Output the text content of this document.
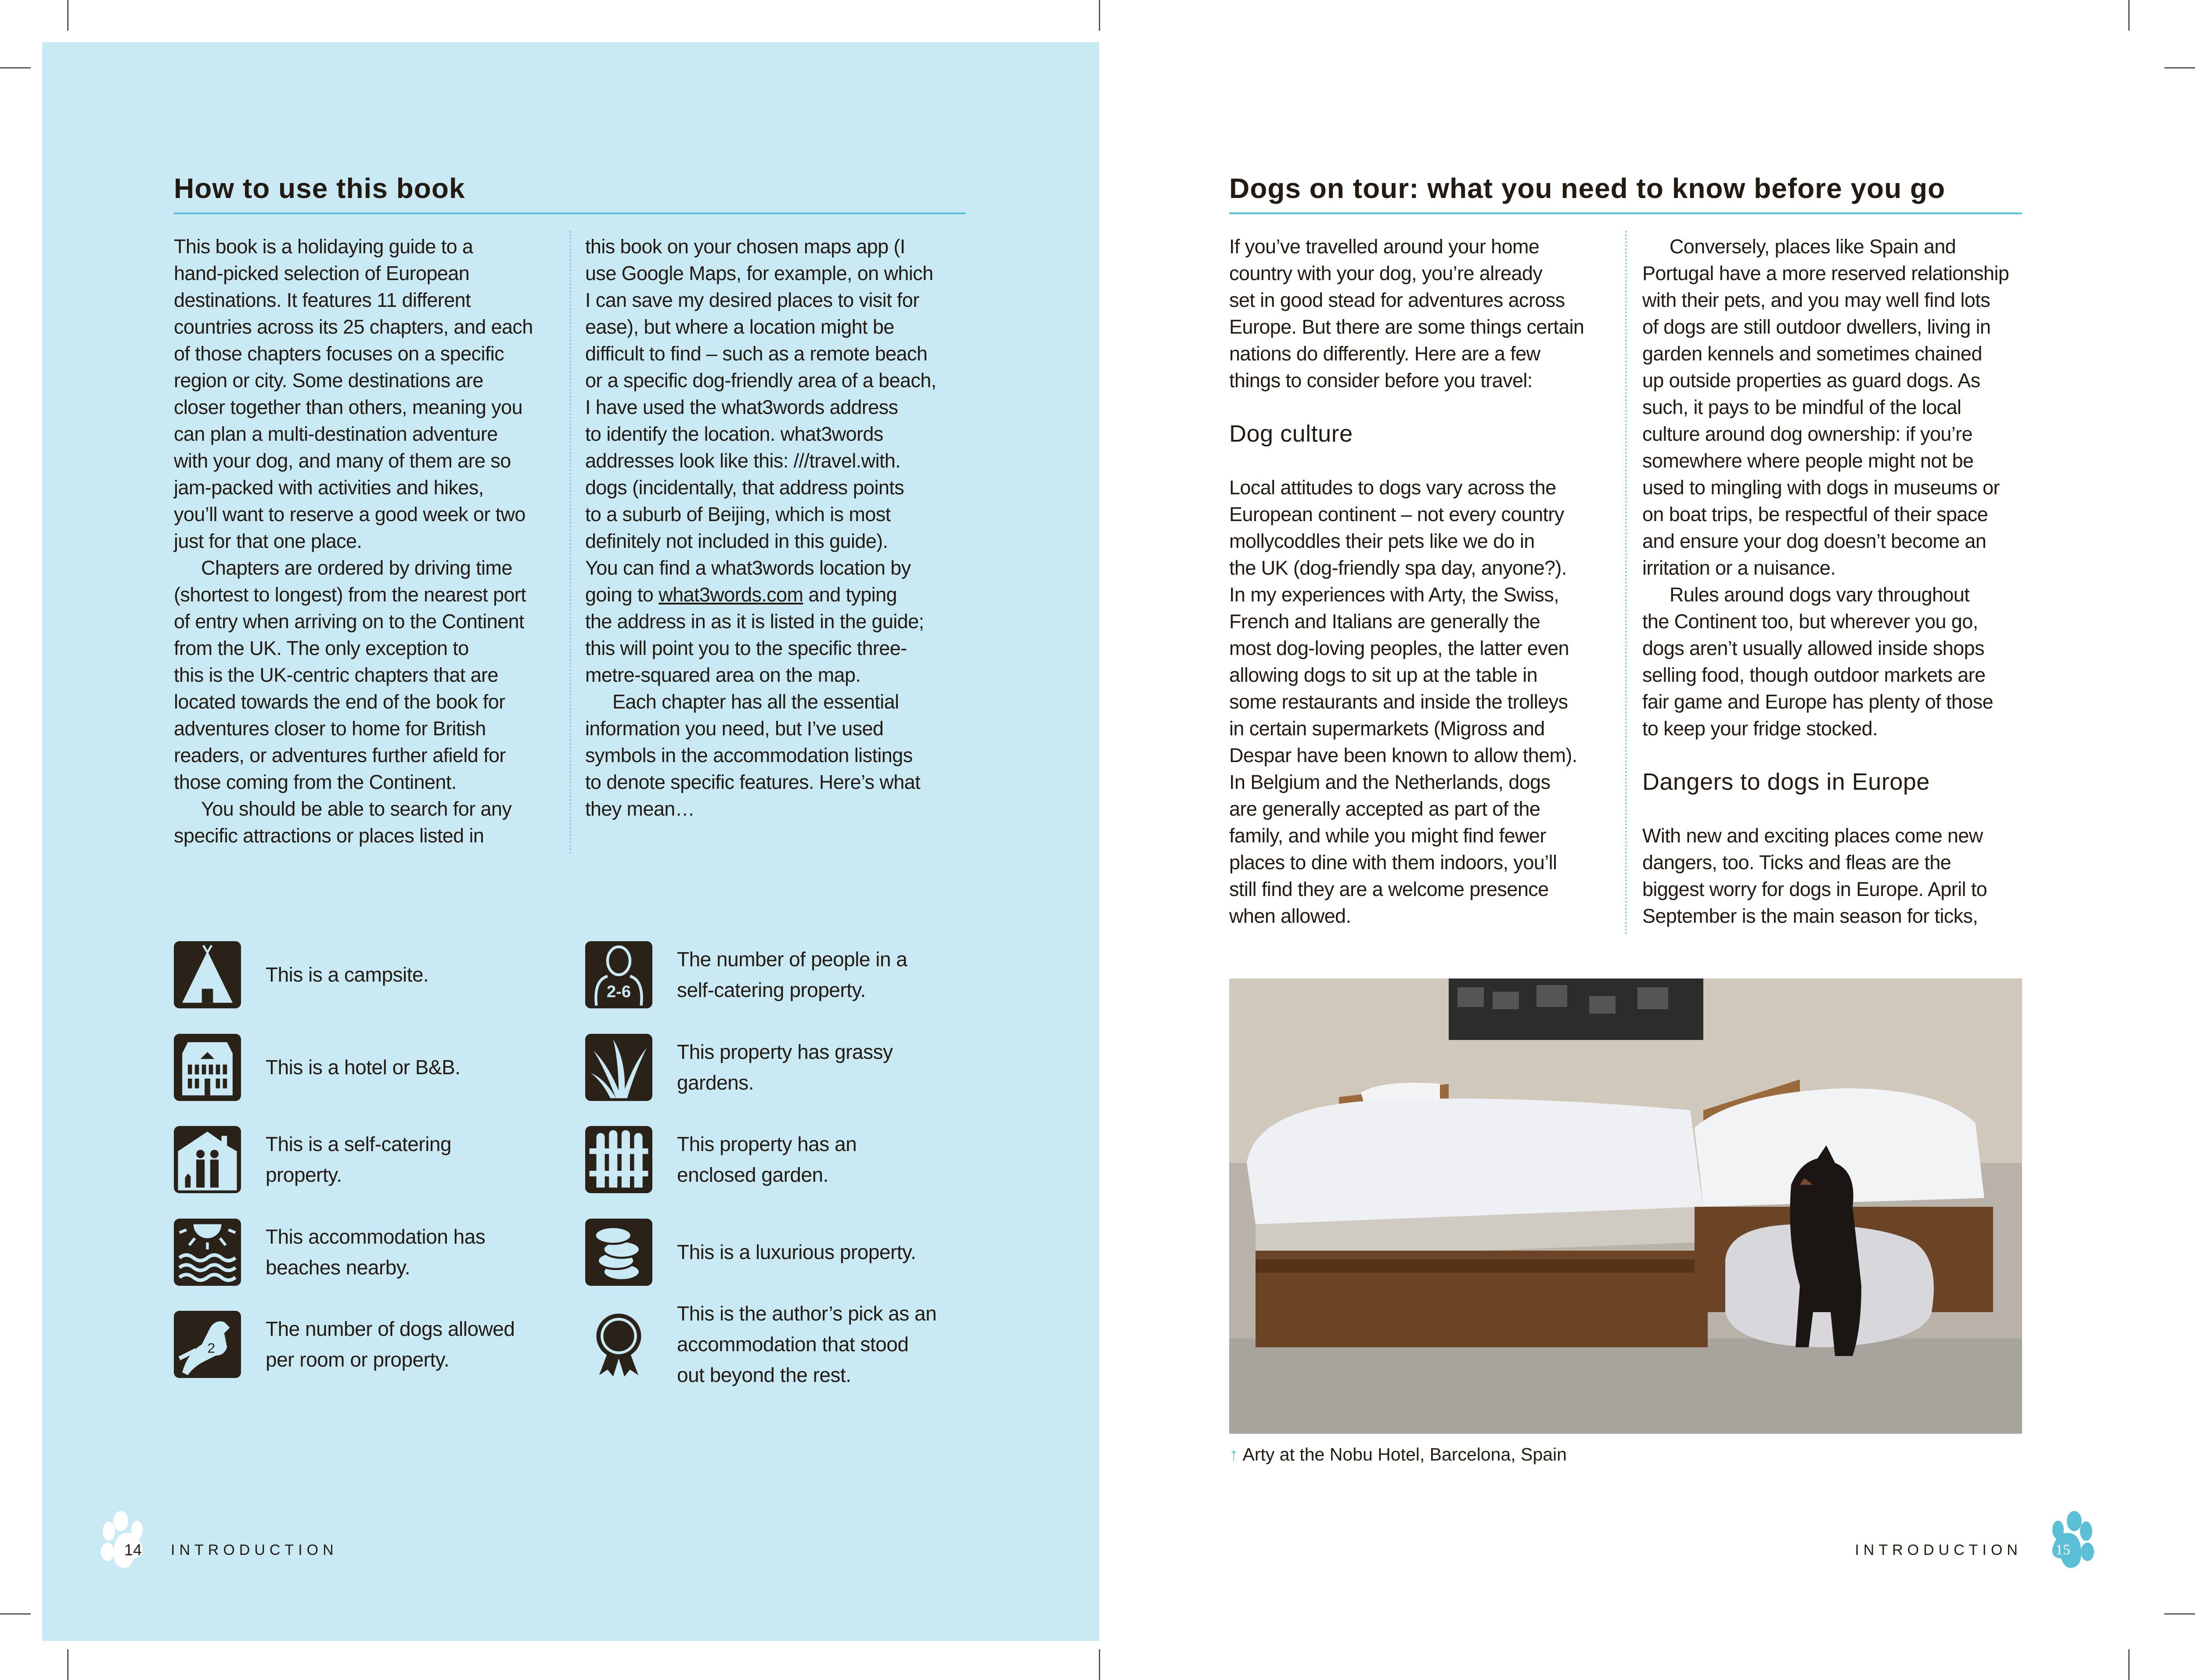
How to use this book
This book is a holidaying guide to a
hand-picked selection of European
destinations. It features 11 different
countries across its 25 chapters, and each
of those chapters focuses on a specific
region or city. Some destinations are
closer together than others, meaning you
can plan a multi-destination adventure
with your dog, and many of them are so
jam-packed with activities and hikes,
you’ll want to reserve a good week or two
just for that one place.
Chapters are ordered by driving time
(shortest to longest) from the nearest port
of entry when arriving on to the Continent
from the UK. The only exception to
this is the UK-centric chapters that are
located towards the end of the book for
adventures closer to home for British
readers, or adventures further afield for
those coming from the Continent.
You should be able to search for any
specific attractions or places listed in
this book on your chosen maps app (I
use Google Maps, for example, on which
I can save my desired places to visit for
ease), but where a location might be
difficult to find – such as a remote beach
or a specific dog-friendly area of a beach,
I have used the what3words address
to identify the location. what3words
addresses look like this: ///travel.with.
dogs (incidentally, that address points
to a suburb of Beijing, which is most
definitely not included in this guide).
You can find a what3words location by
going to what3words.com and typing
the address in as it is listed in the guide;
this will point you to the specific three-
metre-squared area on the map.
Each chapter has all the essential
information you need, but I’ve used
symbols in the accommodation listings
to denote specific features. Here’s what
they mean…
This is a campsite.
This is a hotel or B&B.
This is a self-catering
property.
This accommodation has
beaches nearby.
2
The number of dogs allowed
per room or property.
2-6
The number of people in a
self-catering property.
This property has grassy
gardens.
This property has an
enclosed garden.
This is a luxurious property.
This is the author’s pick as an
accommodation that stood
out beyond the rest.
14 INTRODUCTION
Dogs on tour: what you need to know before you go
If you’ve travelled around your home
country with your dog, you’re already
set in good stead for adventures across
Europe. But there are some things certain
nations do differently. Here are a few
things to consider before you travel:
Dog culture
Local attitudes to dogs vary across the
European continent – not every country
mollycoddles their pets like we do in
the UK (dog-friendly spa day, anyone?).
In my experiences with Arty, the Swiss,
French and Italians are generally the
most dog-loving peoples, the latter even
allowing dogs to sit up at the table in
some restaurants and inside the trolleys
in certain supermarkets (Migross and
Despar have been known to allow them).
In Belgium and the Netherlands, dogs
are generally accepted as part of the
family, and while you might find fewer
places to dine with them indoors, you’ll
still find they are a welcome presence
when allowed.
Conversely, places like Spain and
Portugal have a more reserved relationship
with their pets, and you may well find lots
of dogs are still outdoor dwellers, living in
garden kennels and sometimes chained
up outside properties as guard dogs. As
such, it pays to be mindful of the local
culture around dog ownership: if you’re
somewhere where people might not be
used to mingling with dogs in museums or
on boat trips, be respectful of their space
and ensure your dog doesn’t become an
irritation or a nuisance.
Rules around dogs vary throughout
the Continent too, but wherever you go,
dogs aren’t usually allowed inside shops
selling food, though outdoor markets are
fair game and Europe has plenty of those
to keep your fridge stocked.
Dangers to dogs in Europe
With new and exciting places come new
dangers, too. Ticks and fleas are the
biggest worry for dogs in Europe. April to
September is the main season for ticks,
↑ Arty at the Nobu Hotel, Barcelona, Spain
INTRODUCTION 15
